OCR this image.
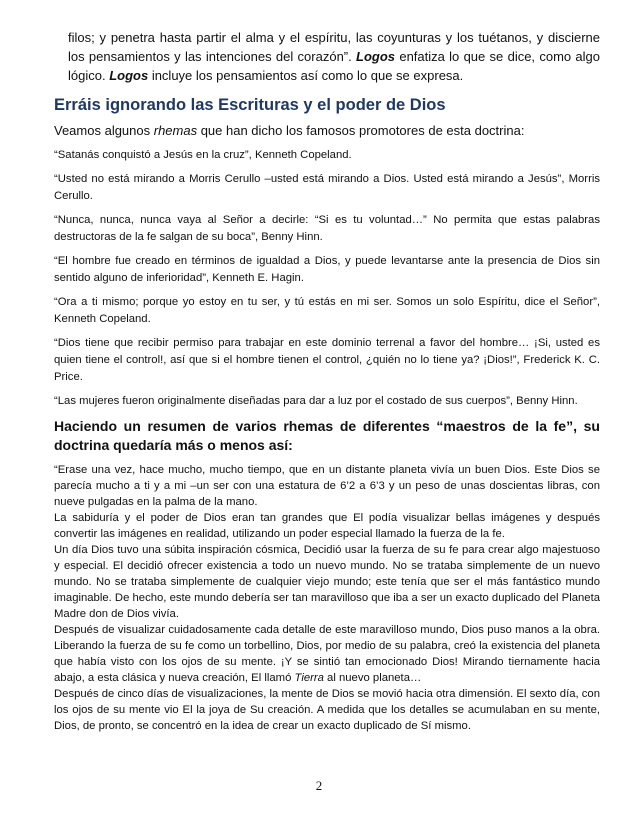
filos; y penetra hasta partir el alma y el espíritu, las coyunturas y los tuétanos, y discierne los pensamientos y las intenciones del corazón”. Logos enfatiza lo que se dice, como algo lógico. Logos incluye los pensamientos así como lo que se expresa.

Erráis ignorando las Escrituras y el poder de Dios

Veamos algunos rhemas que han dicho los famosos promotores de esta doctrina:

“Satanás conquistó a Jesús en la cruz”, Kenneth Copeland.

“Usted no está mirando a Morris Cerullo –usted está mirando a Dios. Usted está mirando a Jesús”, Morris Cerullo.

“Nunca, nunca, nunca vaya al Señor a decirle: “Si es tu voluntad…” No permita que estas palabras destructoras de la fe salgan de su boca”, Benny Hinn.

“El hombre fue creado en términos de igualdad a Dios, y puede levantarse ante la presencia de Dios sin sentido alguno de inferioridad”, Kenneth E. Hagin.

“Ora a ti mismo; porque yo estoy en tu ser, y tú estás en mi ser. Somos un solo Espíritu, dice el Señor”, Kenneth Copeland.

“Dios tiene que recibir permiso para trabajar en este dominio terrenal a favor del hombre… ¡Si, usted es quien tiene el control!, así que si el hombre tienen el control, ¿quién no lo tiene ya? ¡Dios!”, Frederick K. C. Price.

“Las mujeres fueron originalmente diseñadas para dar a luz por el costado de sus cuerpos”, Benny Hinn.

Haciendo un resumen de varios rhemas de diferentes “maestros de la fe”, su doctrina quedaría más o menos así:

“Erase una vez, hace mucho, mucho tiempo, que en un distante planeta vivía un buen Dios. Este Dios se parecía mucho a ti y a mi –un ser con una estatura de 6’2 a 6’3 y un peso de unas doscientas libras, con nueve pulgadas en la palma de la mano.

La sabiduría y el poder de Dios eran tan grandes que El podía visualizar bellas imágenes y después convertir las imágenes en realidad, utilizando un poder especial llamado la fuerza de la fe.

Un día Dios tuvo una súbita inspiración cósmica, Decidió usar la fuerza de su fe para crear algo majestuoso y especial. El decidió ofrecer existencia a todo un nuevo mundo. No se trataba simplemente de un nuevo mundo. No se trataba simplemente de cualquier viejo mundo; este tenía que ser el más fantástico mundo imaginable. De hecho, este mundo debería ser tan maravilloso que iba a ser un exacto duplicado del Planeta Madre don de Dios vivía.

Después de visualizar cuidadosamente cada detalle de este maravilloso mundo, Dios puso manos a la obra. Liberando la fuerza de su fe como un torbellino, Dios, por medio de su palabra, creó la existencia del planeta que había visto con los ojos de su mente. ¡Y se sintió tan emocionado Dios! Mirando tiernamente hacia abajo, a esta clásica y nueva creación, El llamó Tierra al nuevo planeta…

Después de cinco días de visualizaciones, la mente de Dios se movió hacia otra dimensión. El sexto día, con los ojos de su mente vio El la joya de Su creación. A medida que los detalles se acumulaban en su mente, Dios, de pronto, se concentró en la idea de crear un exacto duplicado de Sí mismo.

2
